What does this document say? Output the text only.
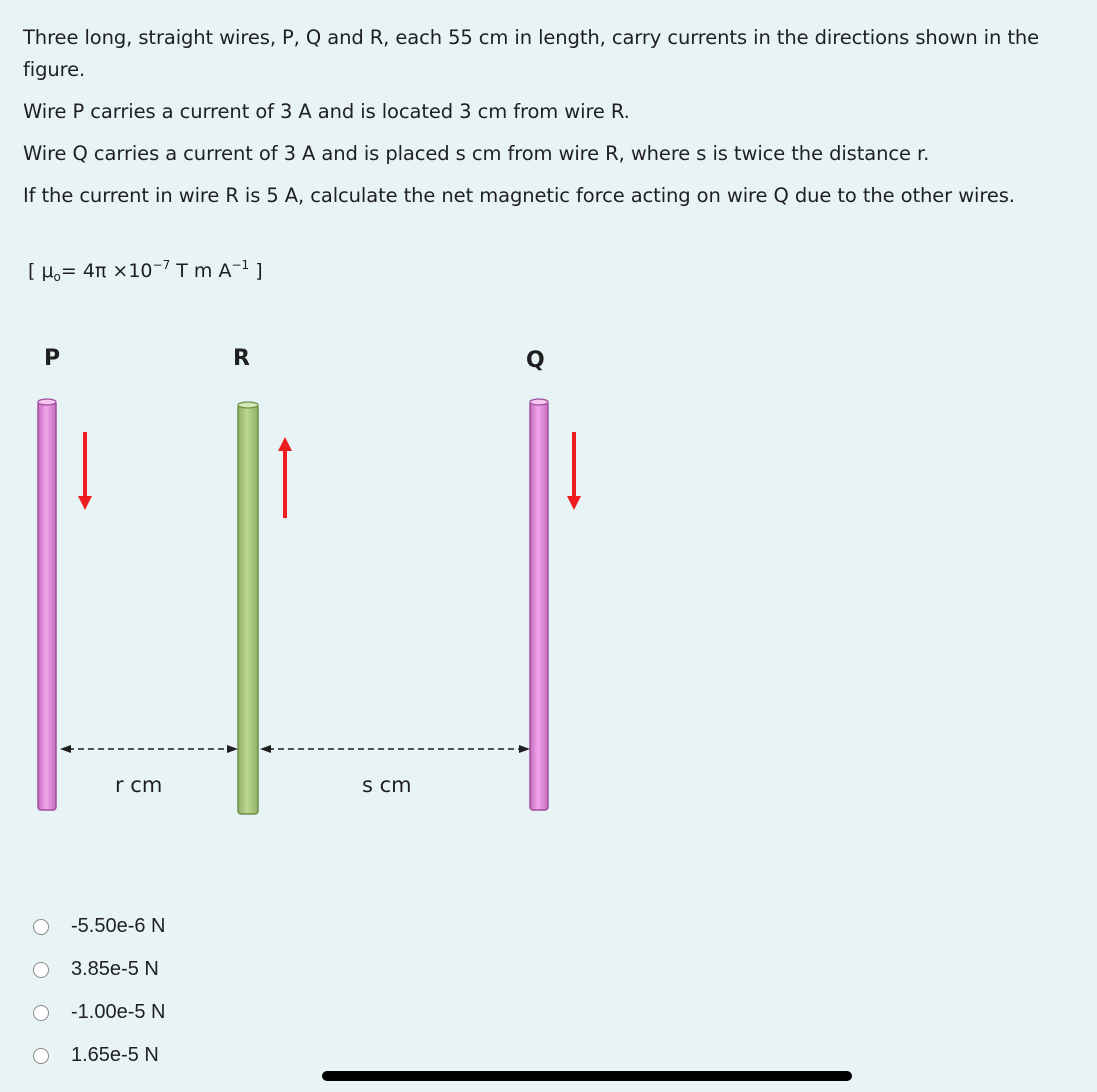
Three long, straight wires, P, Q and R, each 55 cm in length, carry currents in the directions shown in the figure.

Wire P carries a current of 3 A and is located 3 cm from wire R.

Wire Q carries a current of 3 A and is placed s cm from wire R, where s is twice the distance r.

If the current in wire R is 5 A, calculate the net magnetic force acting on wire Q due to the other wires.

[ $\mu_o= 4\pi \times 10^{-7}$ T m $A^{-1}$ ]
P	R	Q
r cm	s cm
-5.50e-6 N
3.85e-5 N
-1.00e-5 N
1.65e-5 N
